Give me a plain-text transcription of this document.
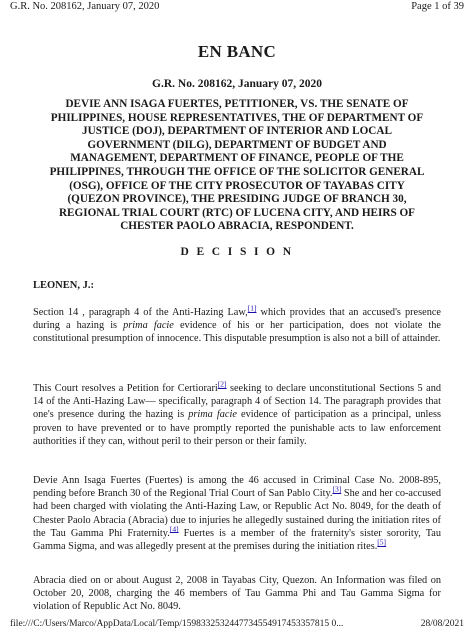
G.R. No. 208162, January 07, 2020	Page 1 of 39
EN BANC
G.R. No. 208162, January 07, 2020

DEVIE ANN ISAGA FUERTES, PETITIONER, VS. THE SENATE OF PHILIPPINES, HOUSE REPRESENTATIVES, THE OF DEPARTMENT OF JUSTICE (DOJ), DEPARTMENT OF INTERIOR AND LOCAL GOVERNMENT (DILG), DEPARTMENT OF BUDGET AND MANAGEMENT, DEPARTMENT OF FINANCE, PEOPLE OF THE PHILIPPINES, THROUGH THE OFFICE OF THE SOLICITOR GENERAL (OSG), OFFICE OF THE CITY PROSECUTOR OF TAYABAS CITY (QUEZON PROVINCE), THE PRESIDING JUDGE OF BRANCH 30, REGIONAL TRIAL COURT (RTC) OF LUCENA CITY, AND HEIRS OF CHESTER PAOLO ABRACIA, RESPONDENT.

D E C I S I O N
LEONEN, J.:

Section 14 , paragraph 4 of the Anti-Hazing Law,[1] which provides that an accused's presence during a hazing is prima facie evidence of his or her participation, does not violate the constitutional presumption of innocence. This disputable presumption is also not a bill of attainder.

This Court resolves a Petition for Certiorari[2] seeking to declare unconstitutional Sections 5 and 14 of the Anti-Hazing Law— specifically, paragraph 4 of Section 14. The paragraph provides that one's presence during the hazing is prima facie evidence of participation as a principal, unless proven to have prevented or to have promptly reported the punishable acts to law enforcement authorities if they can, without peril to their person or their family.

Devie Ann Isaga Fuertes (Fuertes) is among the 46 accused in Criminal Case No. 2008-895, pending before Branch 30 of the Regional Trial Court of San Pablo City.[3] She and her co-accused had been charged with violating the Anti-Hazing Law, or Republic Act No. 8049, for the death of Chester Paolo Abracia (Abracia) due to injuries he allegedly sustained during the initiation rites of the Tau Gamma Phi Fraternity.[4] Fuertes is a member of the fraternity's sister sorority, Tau Gamma Sigma, and was allegedly present at the premises during the initiation rites.[5]

Abracia died on or about August 2, 2008 in Tayabas City, Quezon. An Information was filed on October 20, 2008, charging the 46 members of Tau Gamma Phi and Tau Gamma Sigma for violation of Republic Act No. 8049.

file:///C:/Users/Marco/AppData/Local/Temp/1598332532447734554917453357815 0...	28/08/2021
